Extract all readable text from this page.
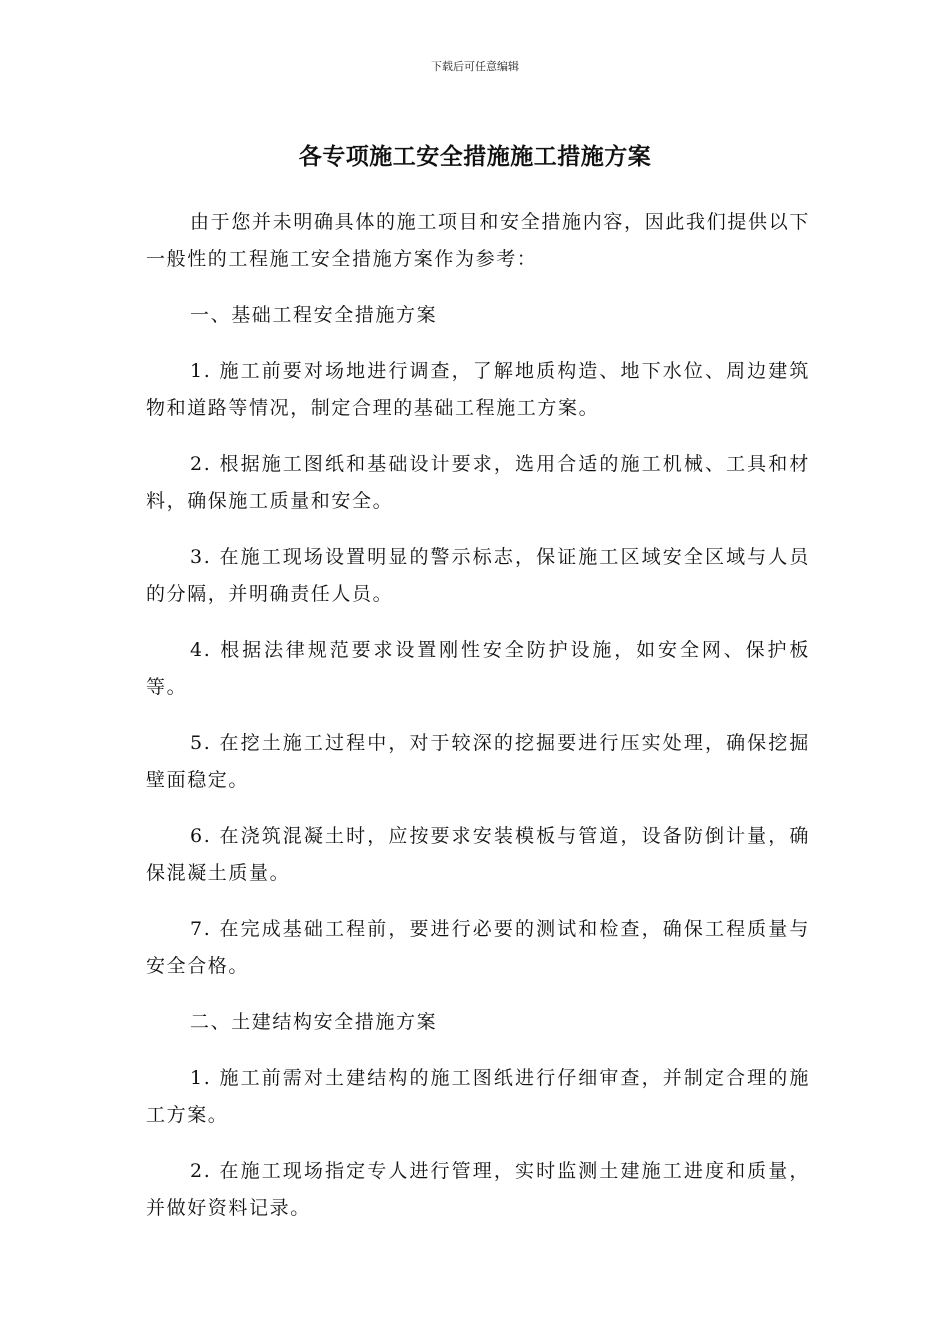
下载后可任意编辑
各专项施工安全措施施工措施方案

由于您并未明确具体的施工项目和安全措施内容，因此我们提供以下一般性的工程施工安全措施方案作为参考：

一、基础工程安全措施方案

1. 施工前要对场地进行调查，了解地质构造、地下水位、周边建筑物和道路等情况，制定合理的基础工程施工方案。

2. 根据施工图纸和基础设计要求，选用合适的施工机械、工具和材料，确保施工质量和安全。

3. 在施工现场设置明显的警示标志，保证施工区域安全区域与人员的分隔，并明确责任人员。

4. 根据法律规范要求设置刚性安全防护设施，如安全网、保护板等。

5. 在挖土施工过程中，对于较深的挖掘要进行压实处理，确保挖掘壁面稳定。

6. 在浇筑混凝土时，应按要求安装模板与管道，设备防倒计量，确保混凝土质量。

7. 在完成基础工程前，要进行必要的测试和检查，确保工程质量与安全合格。

二、土建结构安全措施方案

1. 施工前需对土建结构的施工图纸进行仔细审查，并制定合理的施工方案。

2. 在施工现场指定专人进行管理，实时监测土建施工进度和质量，并做好资料记录。
